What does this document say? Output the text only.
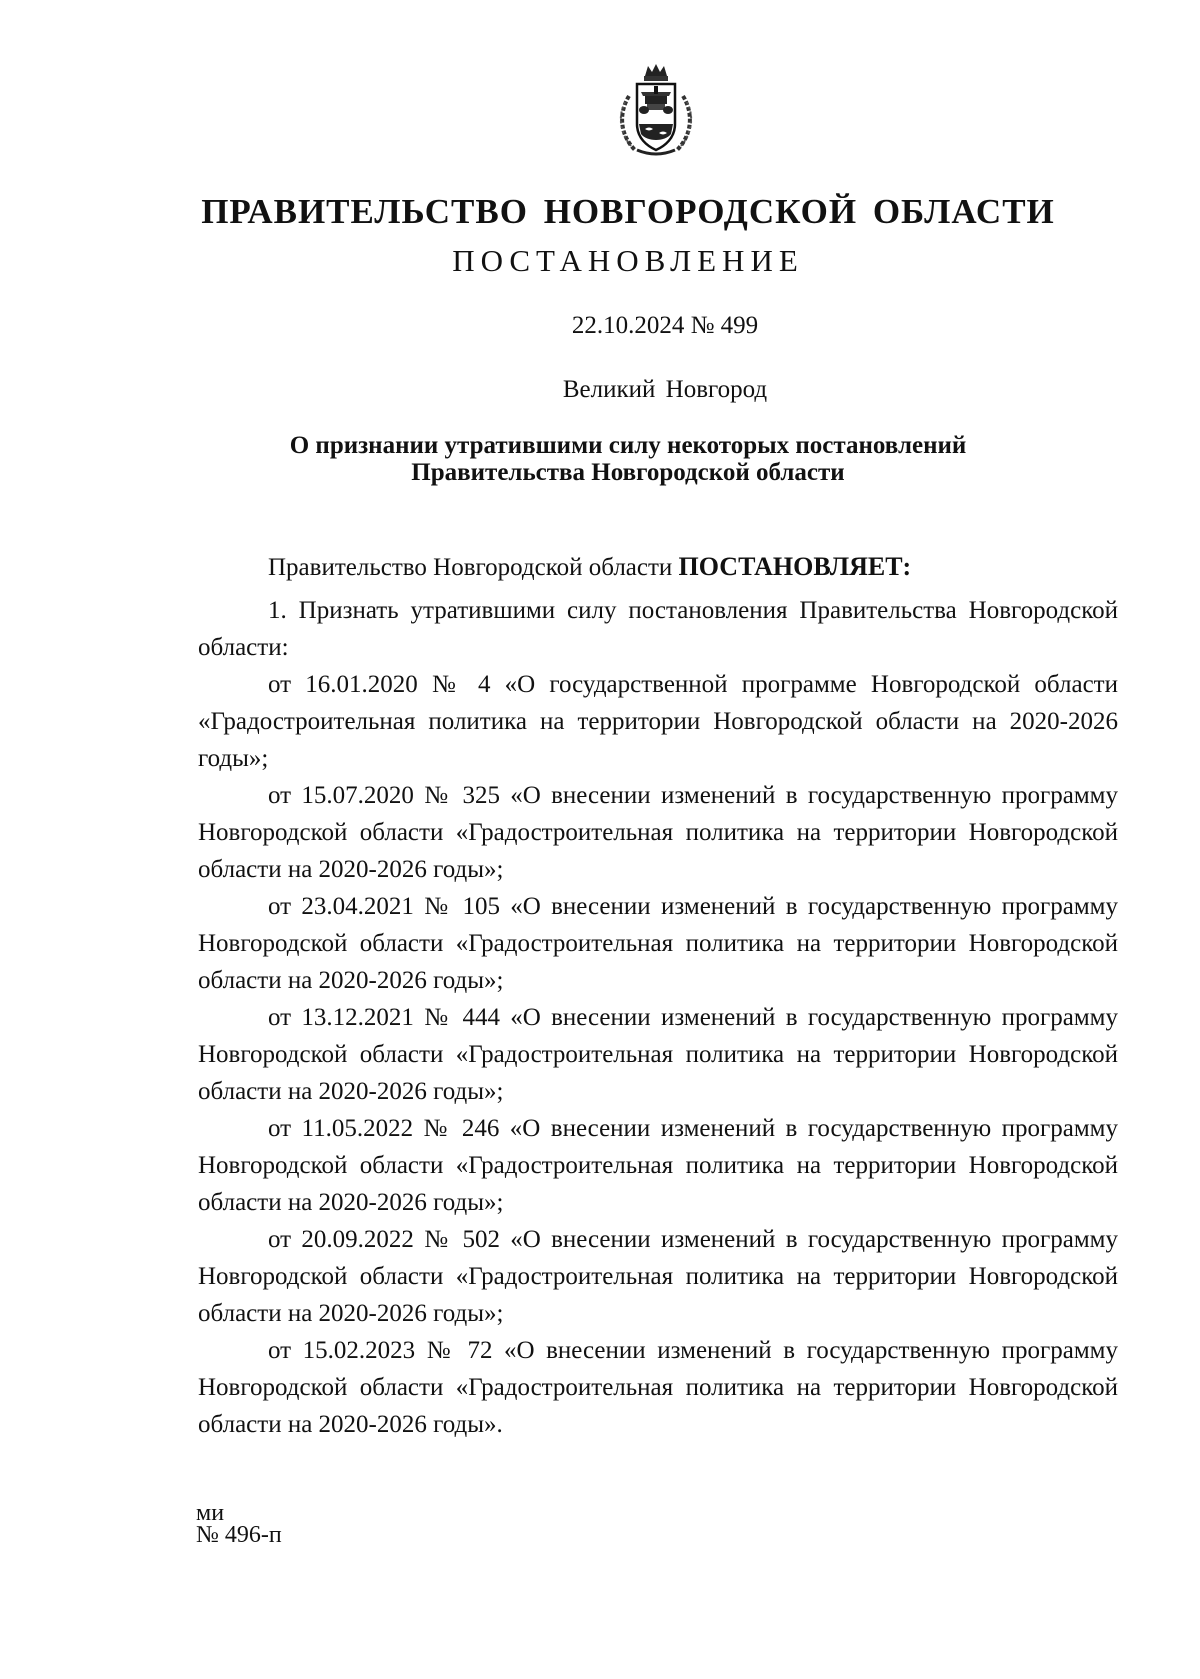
ПРАВИТЕЛЬСТВО НОВГОРОДСКОЙ ОБЛАСТИ
ПОСТАНОВЛЕНИЕ
22.10.2024 № 499
Великий Новгород
О признании утратившими силу некоторых постановлений
Правительства Новгородской области

Правительство Новгородской области ПОСТАНОВЛЯЕТ:

1. Признать утратившими силу постановления Правительства Новгородской области:

от 16.01.2020 № 4 «О государственной программе Новгородской области «Градостроительная политика на территории Новгородской области на 2020-2026 годы»;

от 15.07.2020 № 325 «О внесении изменений в государственную программу Новгородской области «Градостроительная политика на территории Новгородской области на 2020-2026 годы»;

от 23.04.2021 № 105 «О внесении изменений в государственную программу Новгородской области «Градостроительная политика на территории Новгородской области на 2020-2026 годы»;

от 13.12.2021 № 444 «О внесении изменений в государственную программу Новгородской области «Градостроительная политика на территории Новгородской области на 2020-2026 годы»;

от 11.05.2022 № 246 «О внесении изменений в государственную программу Новгородской области «Градостроительная политика на территории Новгородской области на 2020-2026 годы»;

от 20.09.2022 № 502 «О внесении изменений в государственную программу Новгородской области «Градостроительная политика на территории Новгородской области на 2020-2026 годы»;

от 15.02.2023 № 72 «О внесении изменений в государственную программу Новгородской области «Градостроительная политика на территории Новгородской области на 2020-2026 годы».

ми
№ 496-п
